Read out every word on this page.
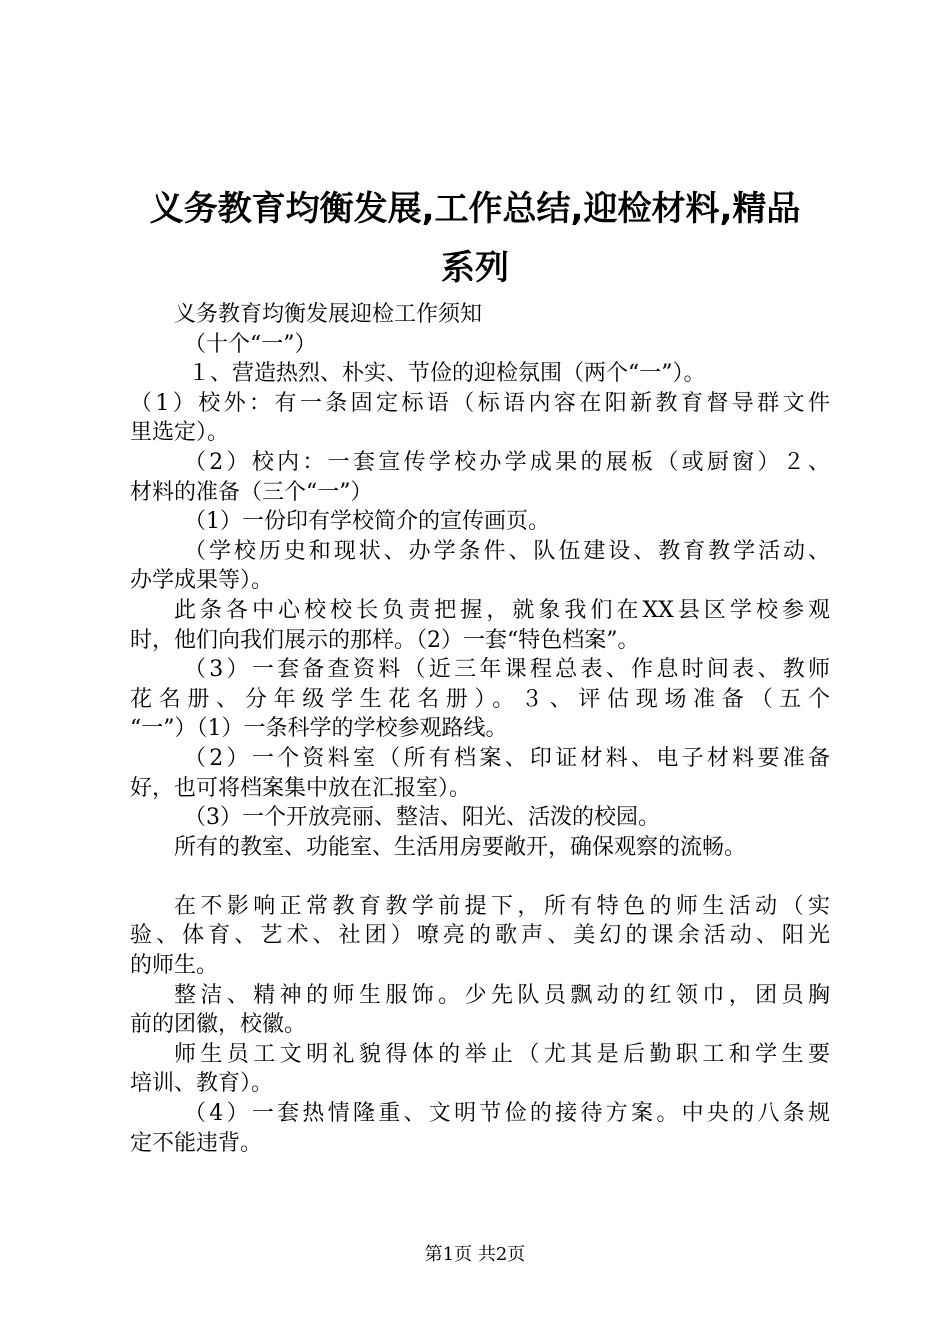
义务教育均衡发展,工作总结,迎检材料,精品
系列
义务教育均衡发展迎检工作须知
（十个“一”）
１、营造热烈、朴实、节俭的迎检氛围（两个“一”）。
（1）校外：有一条固定标语（标语内容在阳新教育督导群文件
里选定）。
（2）校内：一套宣传学校办学成果的展板（或厨窗）２、
材料的准备（三个“一”）
（1）一份印有学校简介的宣传画页。
（学校历史和现状、办学条件、队伍建设、教育教学活动、
办学成果等）。
此条各中心校校长负责把握，就象我们在XX县区学校参观
时，他们向我们展示的那样。（2）一套“特色档案”。
（3）一套备查资料（近三年课程总表、作息时间表、教师
花名册、分年级学生花名册）。３、评估现场准备（五个
“一”）（1）一条科学的学校参观路线。
（2）一个资料室（所有档案、印证材料、电子材料要准备
好，也可将档案集中放在汇报室）。
（3）一个开放亮丽、整洁、阳光、活泼的校园。
所有的教室、功能室、生活用房要敞开，确保观察的流畅。
在不影响正常教育教学前提下，所有特色的师生活动（实
验、体育、艺术、社团）嘹亮的歌声、美幻的课余活动、阳光
的师生。
整洁、精神的师生服饰。少先队员飘动的红领巾，团员胸
前的团徽，校徽。
师生员工文明礼貌得体的举止（尤其是后勤职工和学生要
培训、教育）。
（4）一套热情隆重、文明节俭的接待方案。中央的八条规
定不能违背。
第1页 共2页
